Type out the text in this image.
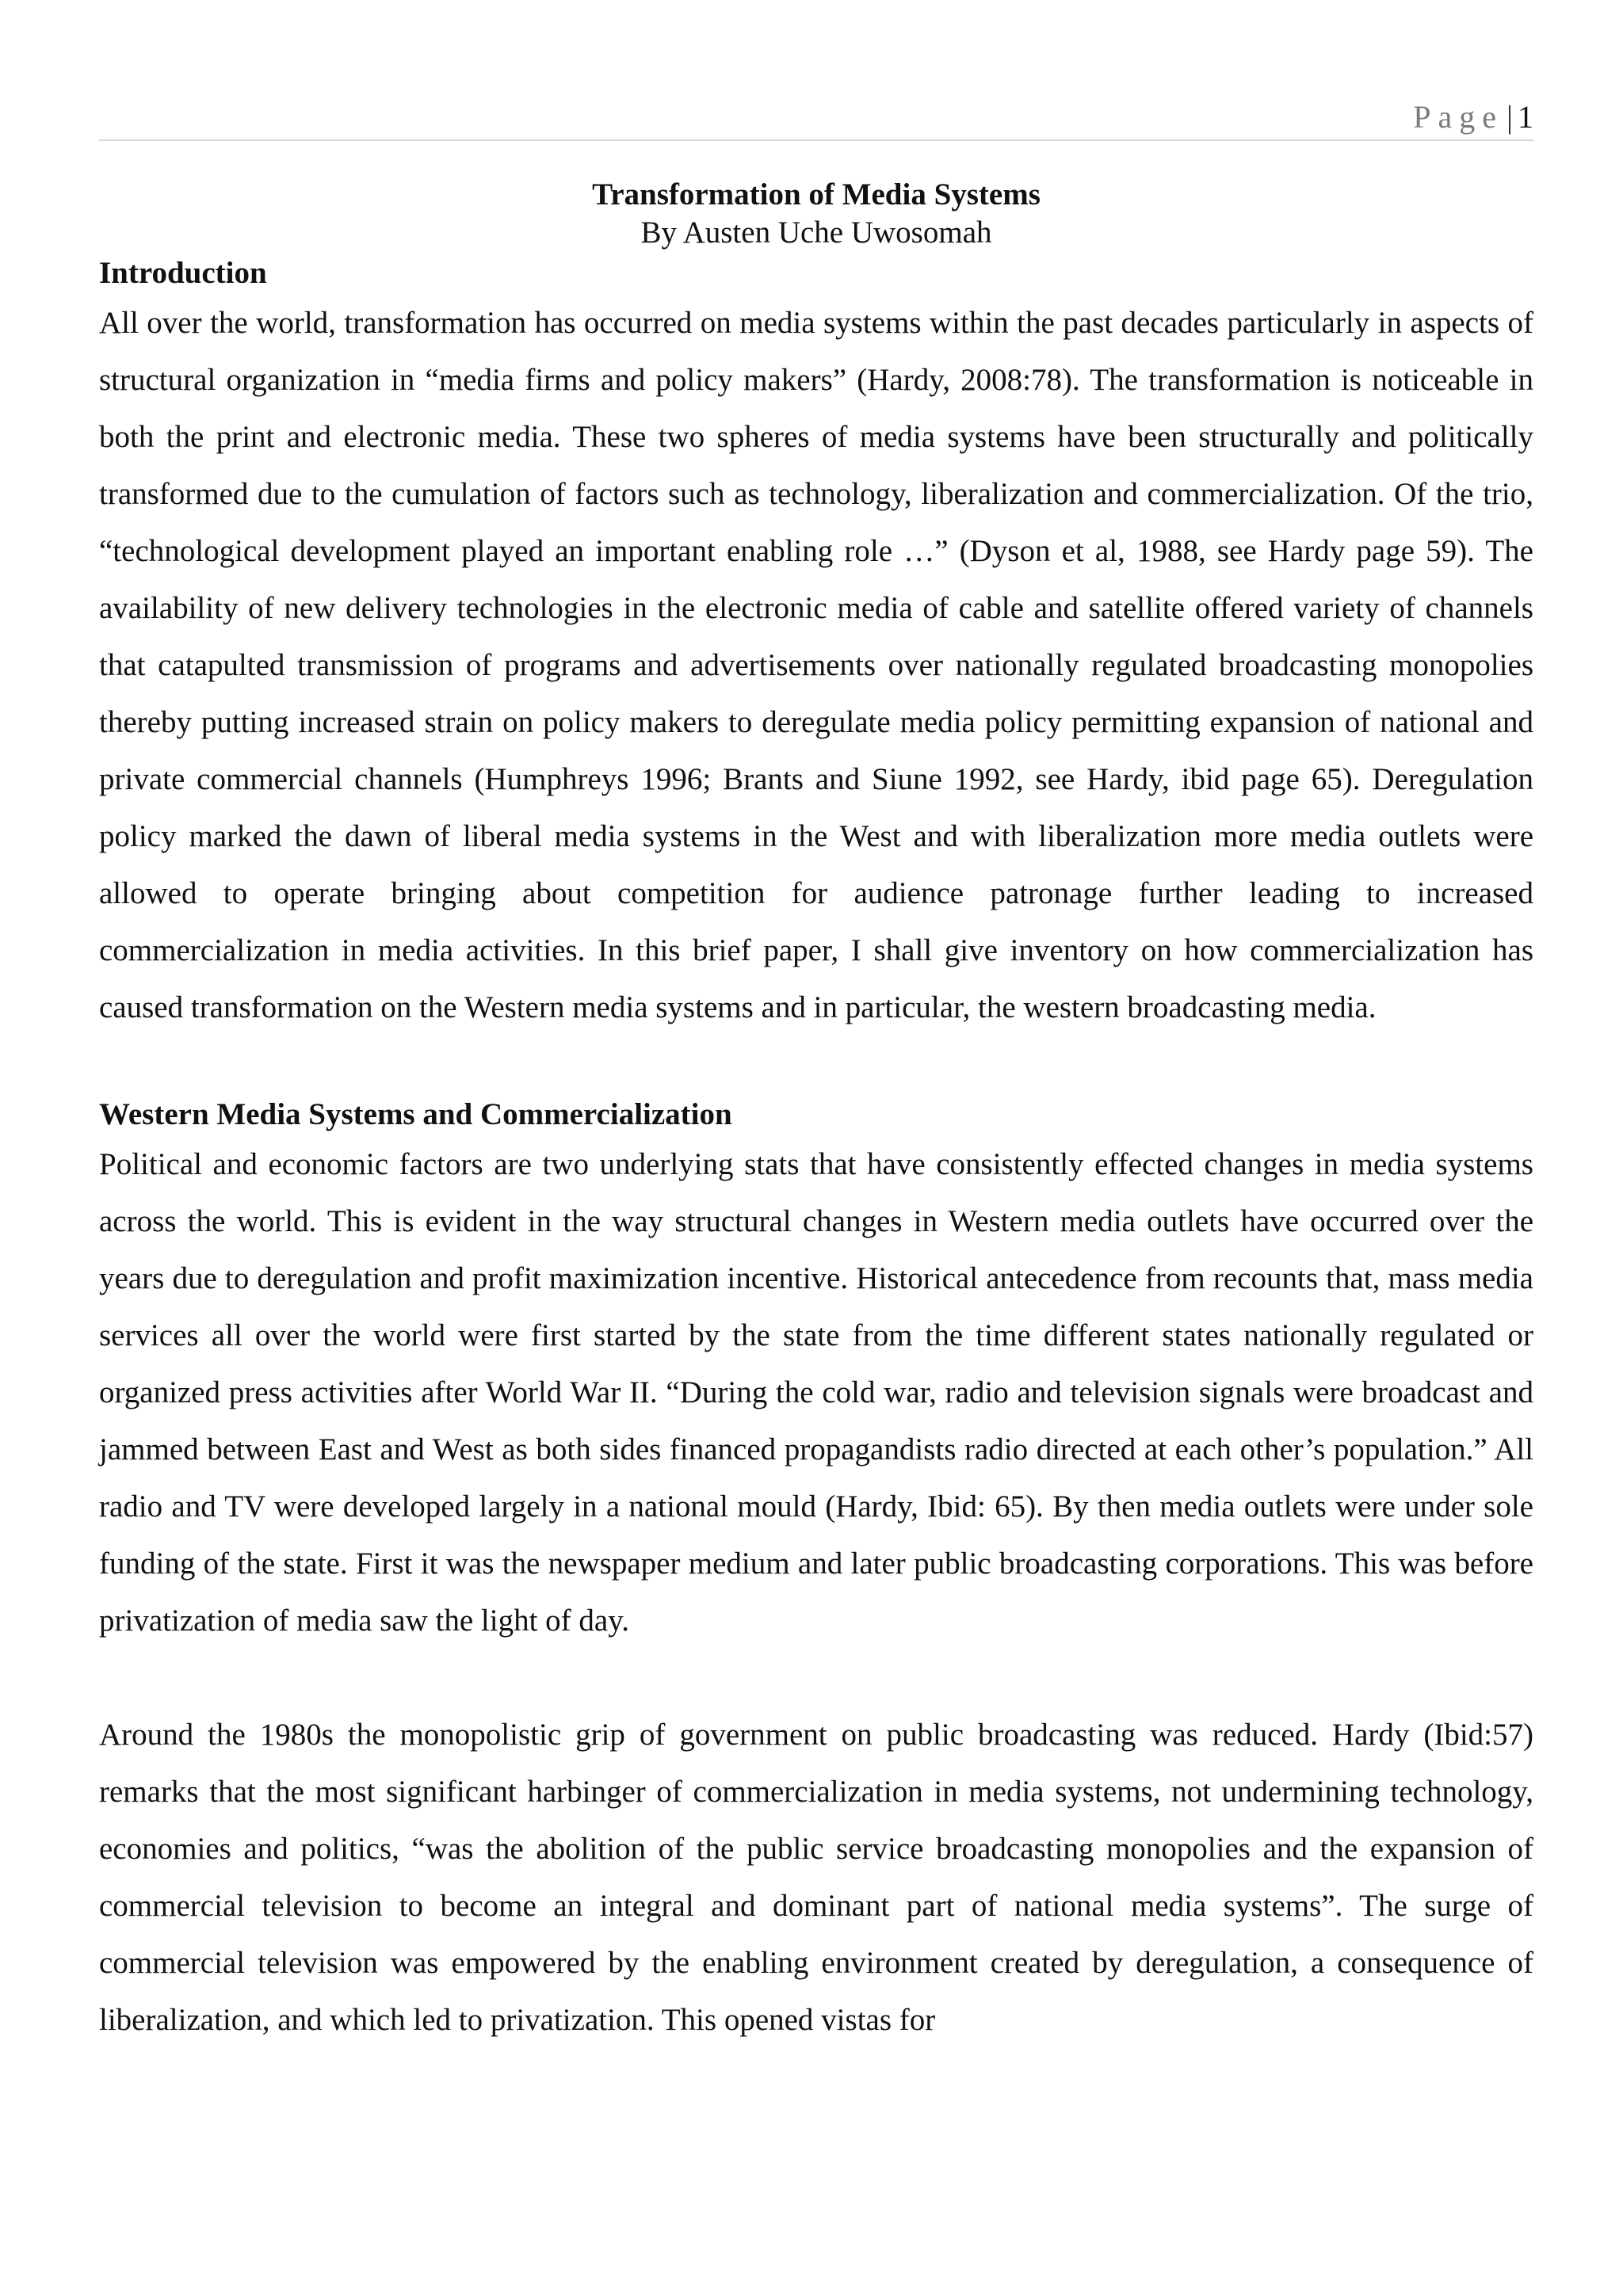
Page | 1

Transformation of Media Systems

By Austen Uche Uwosomah

Introduction

All over the world, transformation has occurred on media systems within the past decades particularly in aspects of structural organization in “media firms and policy makers” (Hardy, 2008:78). The transformation is noticeable in both the print and electronic media. These two spheres of media systems have been structurally and politically transformed due to the cumulation of factors such as technology, liberalization and commercialization. Of the trio, “technological development played an important enabling role …” (Dyson et al, 1988, see Hardy page 59). The availability of new delivery technologies in the electronic media of cable and satellite offered variety of channels that catapulted transmission of programs and advertisements over nationally regulated broadcasting monopolies thereby putting increased strain on policy makers to deregulate media policy permitting expansion of national and private commercial channels (Humphreys 1996; Brants and Siune 1992, see Hardy, ibid page 65). Deregulation policy marked the dawn of liberal media systems in the West and with liberalization more media outlets were allowed to operate bringing about competition for audience patronage further leading to increased commercialization in media activities. In this brief paper, I shall give inventory on how commercialization has caused transformation on the Western media systems and in particular, the western broadcasting media.

Western Media Systems and Commercialization

Political and economic factors are two underlying stats that have consistently effected changes in media systems across the world. This is evident in the way structural changes in Western media outlets have occurred over the years due to deregulation and profit maximization incentive. Historical antecedence from recounts that, mass media services all over the world were first started by the state from the time different states nationally regulated or organized press activities after World War II. “During the cold war, radio and television signals were broadcast and jammed between East and West as both sides financed propagandists radio directed at each other’s population.” All radio and TV were developed largely in a national mould (Hardy, Ibid: 65). By then media outlets were under sole funding of the state. First it was the newspaper medium and later public broadcasting corporations. This was before privatization of media saw the light of day.

Around the 1980s the monopolistic grip of government on public broadcasting was reduced. Hardy (Ibid:57) remarks that the most significant harbinger of commercialization in media systems, not undermining technology, economies and politics, “was the abolition of the public service broadcasting monopolies and the expansion of commercial television to become an integral and dominant part of national media systems”. The surge of commercial television was empowered by the enabling environment created by deregulation, a consequence of liberalization, and which led to privatization. This opened vistas for
